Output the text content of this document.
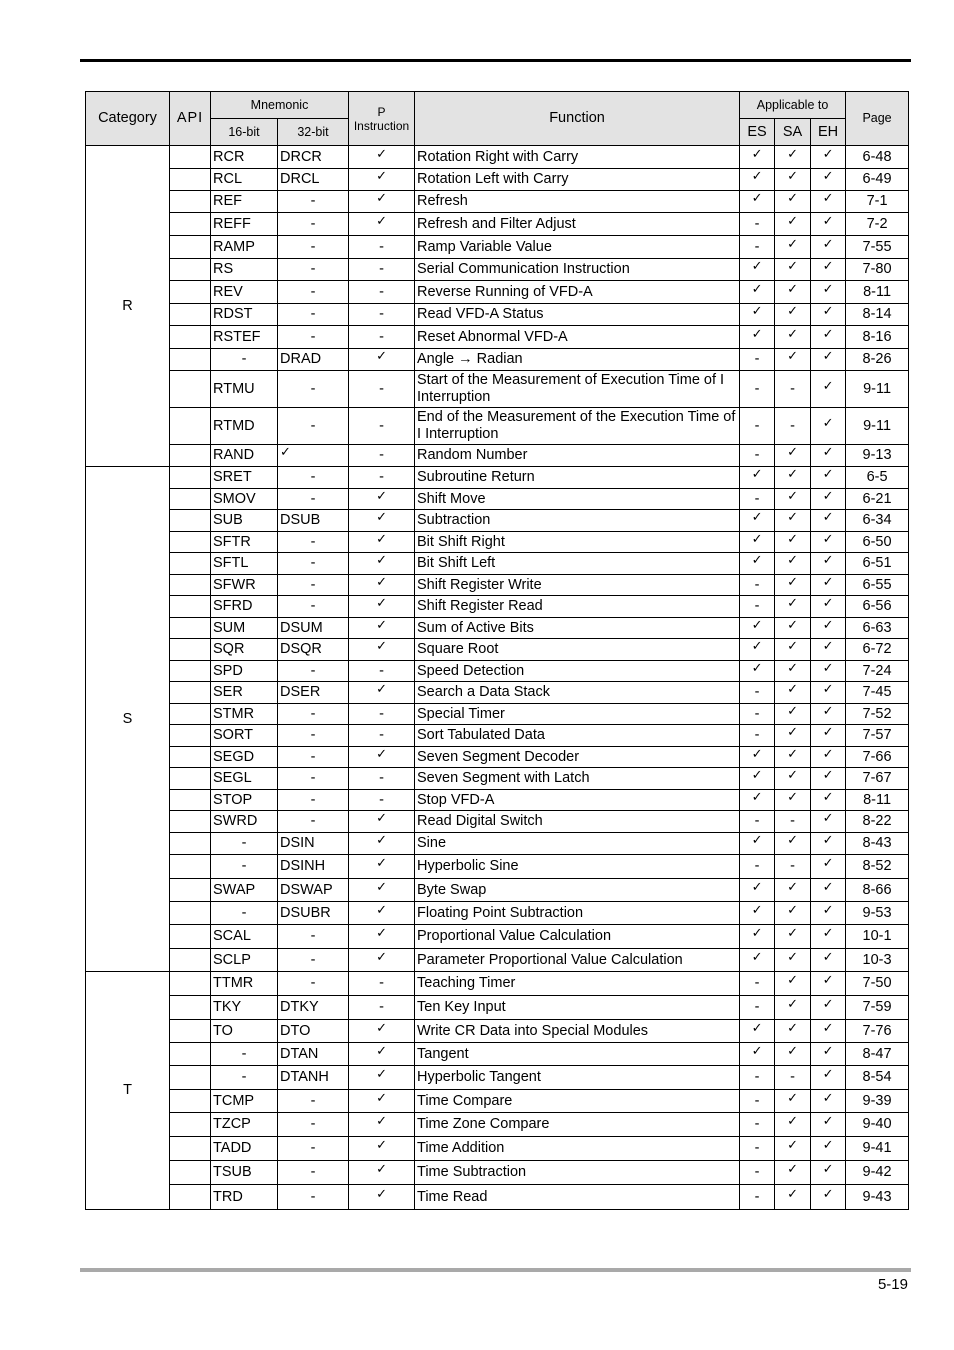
Category	API	Mnemonic		P
Instruction	Function	Applicable to			Page
		16-bit	32-bit			ES	SA	EH	
R		RCR	DRCR	✓	Rotation Right with Carry	✓	✓	✓	6-48
		RCL	DRCL	✓	Rotation Left with Carry	✓	✓	✓	6-49
		REF	-	✓	Refresh	✓	✓	✓	7-1
		REFF	-	✓	Refresh and Filter Adjust	-	✓	✓	7-2
		RAMP	-	-	Ramp Variable Value	-	✓	✓	7-55
		RS	-	-	Serial Communication Instruction	✓	✓	✓	7-80
		REV	-	-	Reverse Running of VFD-A	✓	✓	✓	8-11
		RDST	-	-	Read VFD-A Status	✓	✓	✓	8-14
		RSTEF	-	-	Reset Abnormal VFD-A	✓	✓	✓	8-16
		-	DRAD	✓	Angle → Radian	-	✓	✓	8-26
		RTMU	-	-	Start of the Measurement of Execution Time of I Interruption	-	-	✓	9-11
		RTMD	-	-	End of the Measurement of the Execution Time of I Interruption	-	-	✓	9-11
		RAND	✓	-	Random Number	-	✓	✓	9-13
S		SRET	-	-	Subroutine Return	✓	✓	✓	6-5
		SMOV	-	✓	Shift Move	-	✓	✓	6-21
		SUB	DSUB	✓	Subtraction	✓	✓	✓	6-34
		SFTR	-	✓	Bit Shift Right	✓	✓	✓	6-50
		SFTL	-	✓	Bit Shift Left	✓	✓	✓	6-51
		SFWR	-	✓	Shift Register Write	-	✓	✓	6-55
		SFRD	-	✓	Shift Register Read	-	✓	✓	6-56
		SUM	DSUM	✓	Sum of Active Bits	✓	✓	✓	6-63
		SQR	DSQR	✓	Square Root	✓	✓	✓	6-72
		SPD	-	-	Speed Detection	✓	✓	✓	7-24
		SER	DSER	✓	Search a Data Stack	-	✓	✓	7-45
		STMR	-	-	Special Timer	-	✓	✓	7-52
		SORT	-	-	Sort Tabulated Data	-	✓	✓	7-57
		SEGD	-	✓	Seven Segment Decoder	✓	✓	✓	7-66
		SEGL	-	-	Seven Segment with Latch	✓	✓	✓	7-67
		STOP	-	-	Stop VFD-A	✓	✓	✓	8-11
		SWRD	-	✓	Read Digital Switch	-	-	✓	8-22
		-	DSIN	✓	Sine	✓	✓	✓	8-43
		-	DSINH	✓	Hyperbolic Sine	-	-	✓	8-52
		SWAP	DSWAP	✓	Byte Swap	✓	✓	✓	8-66
		-	DSUBR	✓	Floating Point Subtraction	✓	✓	✓	9-53
		SCAL	-	✓	Proportional Value Calculation	✓	✓	✓	10-1
		SCLP	-	✓	Parameter Proportional Value Calculation	✓	✓	✓	10-3
T		TTMR	-	-	Teaching Timer	-	✓	✓	7-50
		TKY	DTKY	-	Ten Key Input	-	✓	✓	7-59
		TO	DTO	✓	Write CR Data into Special Modules	✓	✓	✓	7-76
		-	DTAN	✓	Tangent	✓	✓	✓	8-47
		-	DTANH	✓	Hyperbolic Tangent	-	-	✓	8-54
		TCMP	-	✓	Time Compare	-	✓	✓	9-39
		TZCP	-	✓	Time Zone Compare	-	✓	✓	9-40
		TADD	-	✓	Time Addition	-	✓	✓	9-41
		TSUB	-	✓	Time Subtraction	-	✓	✓	9-42
		TRD	-	✓	Time Read	-	✓	✓	9-43
5-19
